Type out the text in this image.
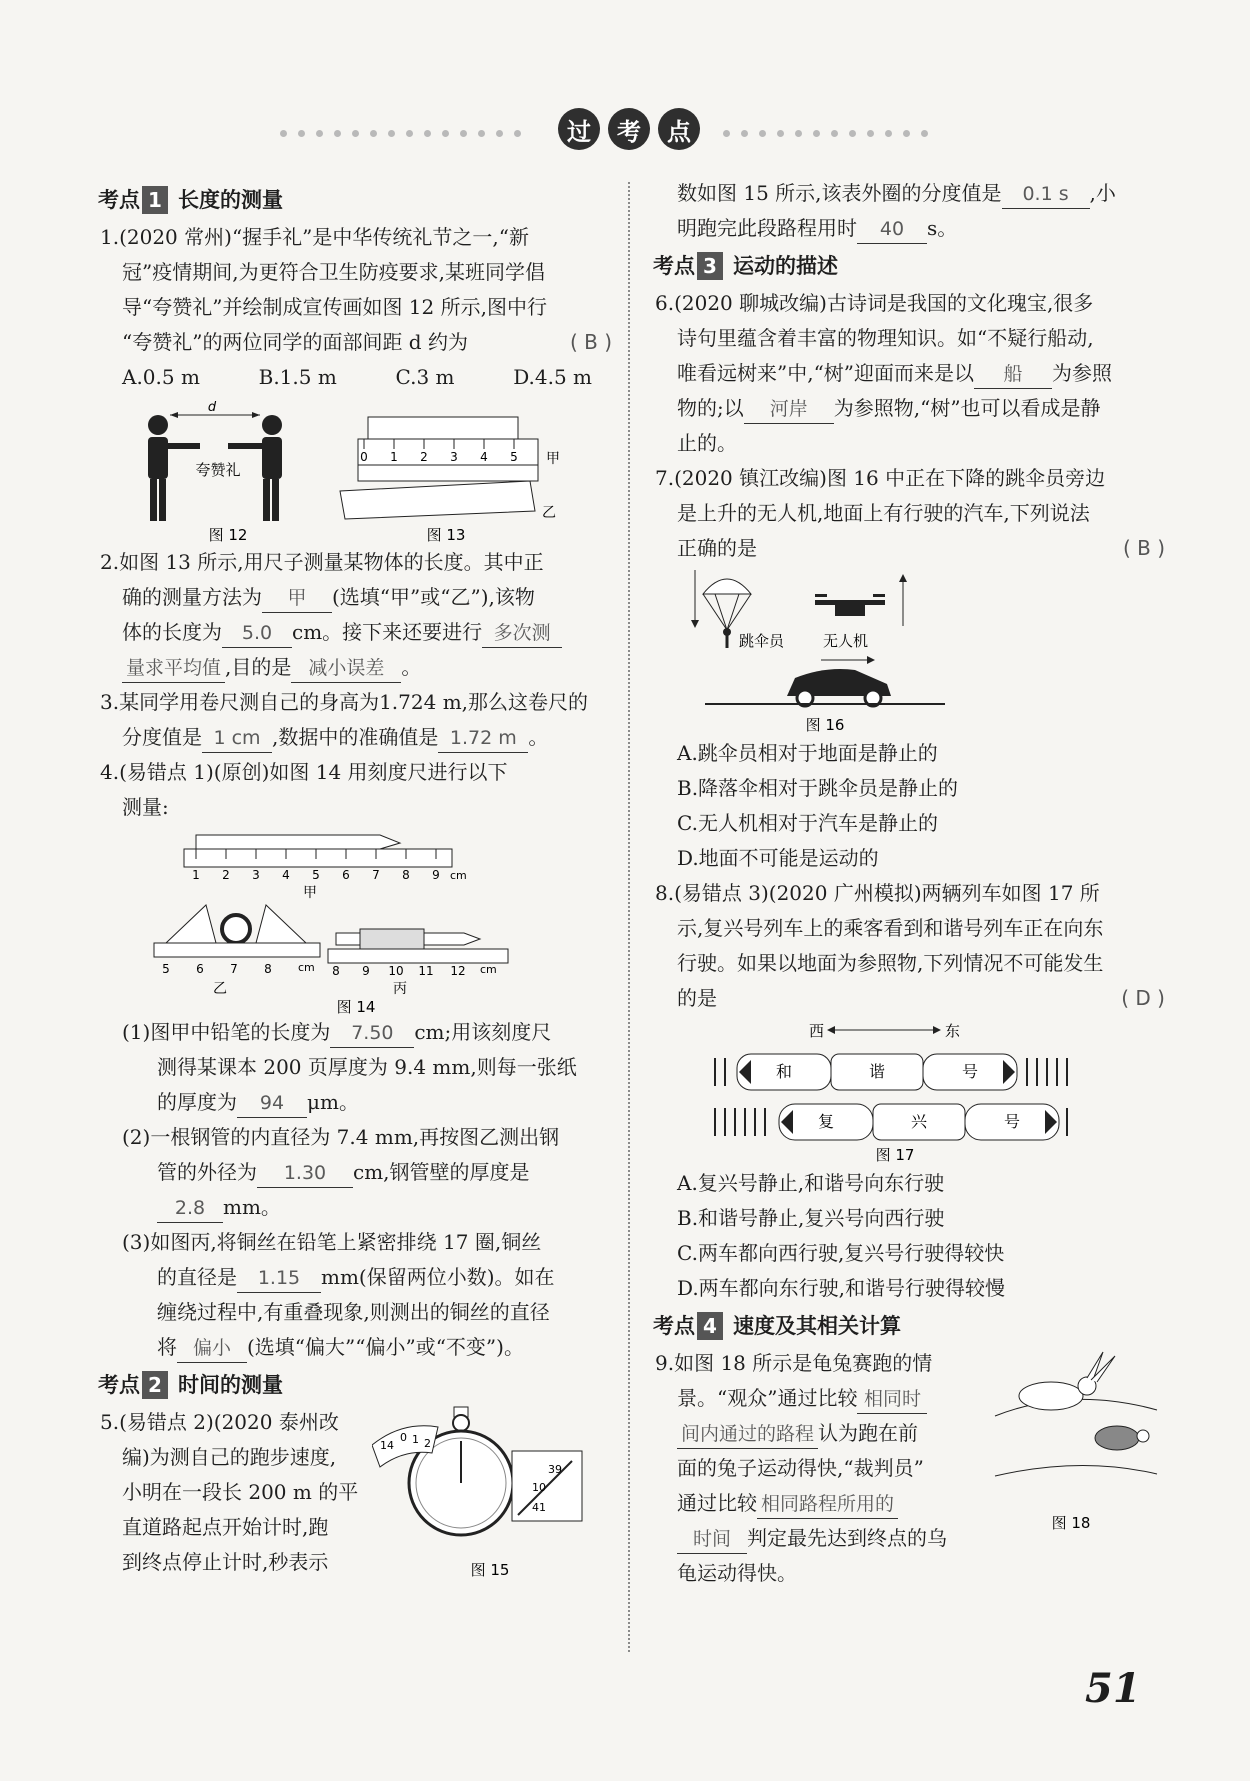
过	考	点
考点 1 长度的测量
1.(2020 常州)“握手礼”是中华传统礼节之一,“新
冠”疫情期间,为更符合卫生防疫要求,某班同学倡
导“夸赞礼”并绘制成宣传画如图 12 所示,图中行
“夸赞礼”的两位同学的面部间距 d 约为	( B )
A.0.5 m	B.1.5 m	C.3 m	D.4.5 m
d
夸赞礼
0 1 2 3 4 5 甲
乙
图 12	图 13
2.如图 13 所示,用尺子测量某物体的长度。其中正
确的测量方法为 甲 (选填“甲”或“乙”),该物
体的长度为 5.0 cm。接下来还要进行 多次测
量求平均值 ,目的是 减小误差 。
3.某同学用卷尺测自己的身高为1.724 m,那么这卷尺的
分度值是 1 cm ,数据中的准确值是 1.72 m 。
4.(易错点 1)(原创)如图 14 用刻度尺进行以下
测量:
1 2 3 4 5 6 7 8 9 cm
甲
5 6 7 8 cm
乙
8 9 10 11 12 cm
丙
图 14
(1)图甲中铅笔的长度为 7.50 cm;用该刻度尺
测得某课本 200 页厚度为 9.4 mm,则每一张纸
的厚度为 94 μm。
(2)一根钢管的内直径为 7.4 mm,再按图乙测出钢
管的外径为 1.30 cm,钢管壁的厚度是
2.8 mm。
(3)如图丙,将铜丝在铅笔上紧密排绕 17 圈,铜丝
的直径是 1.15 mm(保留两位小数)。如在
缠绕过程中,有重叠现象,则测出的铜丝的直径
将 偏小 (选填“偏大”“偏小”或“不变”)。
考点 2 时间的测量
5.(易错点 2)(2020 泰州改
编)为测自己的跑步速度,
小明在一段长 200 m 的平
直道路起点开始计时,跑
到终点停止计时,秒表示
14
0 1 2
39
10
41
图 15
数如图 15 所示,该表外圈的分度值是 0.1 s ,小
明跑完此段路程用时 40 s。
考点 3 运动的描述
6.(2020 聊城改编)古诗词是我国的文化瑰宝,很多
诗句里蕴含着丰富的物理知识。如“不疑行船动,
唯看远树来”中,“树”迎面而来是以 船 为参照
物的;以 河岸 为参照物,“树”也可以看成是静
止的。
7.(2020 镇江改编)图 16 中正在下降的跳伞员旁边
是上升的无人机,地面上有行驶的汽车,下列说法
正确的是	( B )
跳伞员	无人机
图 16
A.跳伞员相对于地面是静止的
B.降落伞相对于跳伞员是静止的
C.无人机相对于汽车是静止的
D.地面不可能是运动的
8.(易错点 3)(2020 广州模拟)两辆列车如图 17 所
示,复兴号列车上的乘客看到和谐号列车正在向东
行驶。如果以地面为参照物,下列情况不可能发生
的是	( D )
西	东
和	谐	号
复	兴	号
图 17
A.复兴号静止,和谐号向东行驶
B.和谐号静止,复兴号向西行驶
C.两车都向西行驶,复兴号行驶得较快
D.两车都向东行驶,和谐号行驶得较慢
考点 4 速度及其相关计算
9.如图 18 所示是龟兔赛跑的情
景。“观众”通过比较 相同时
间内通过的路程 认为跑在前
面的兔子运动得快,“裁判员”
通过比较 相同路程所用的
时间 判定最先达到终点的乌
龟运动得快。
图 18
51
